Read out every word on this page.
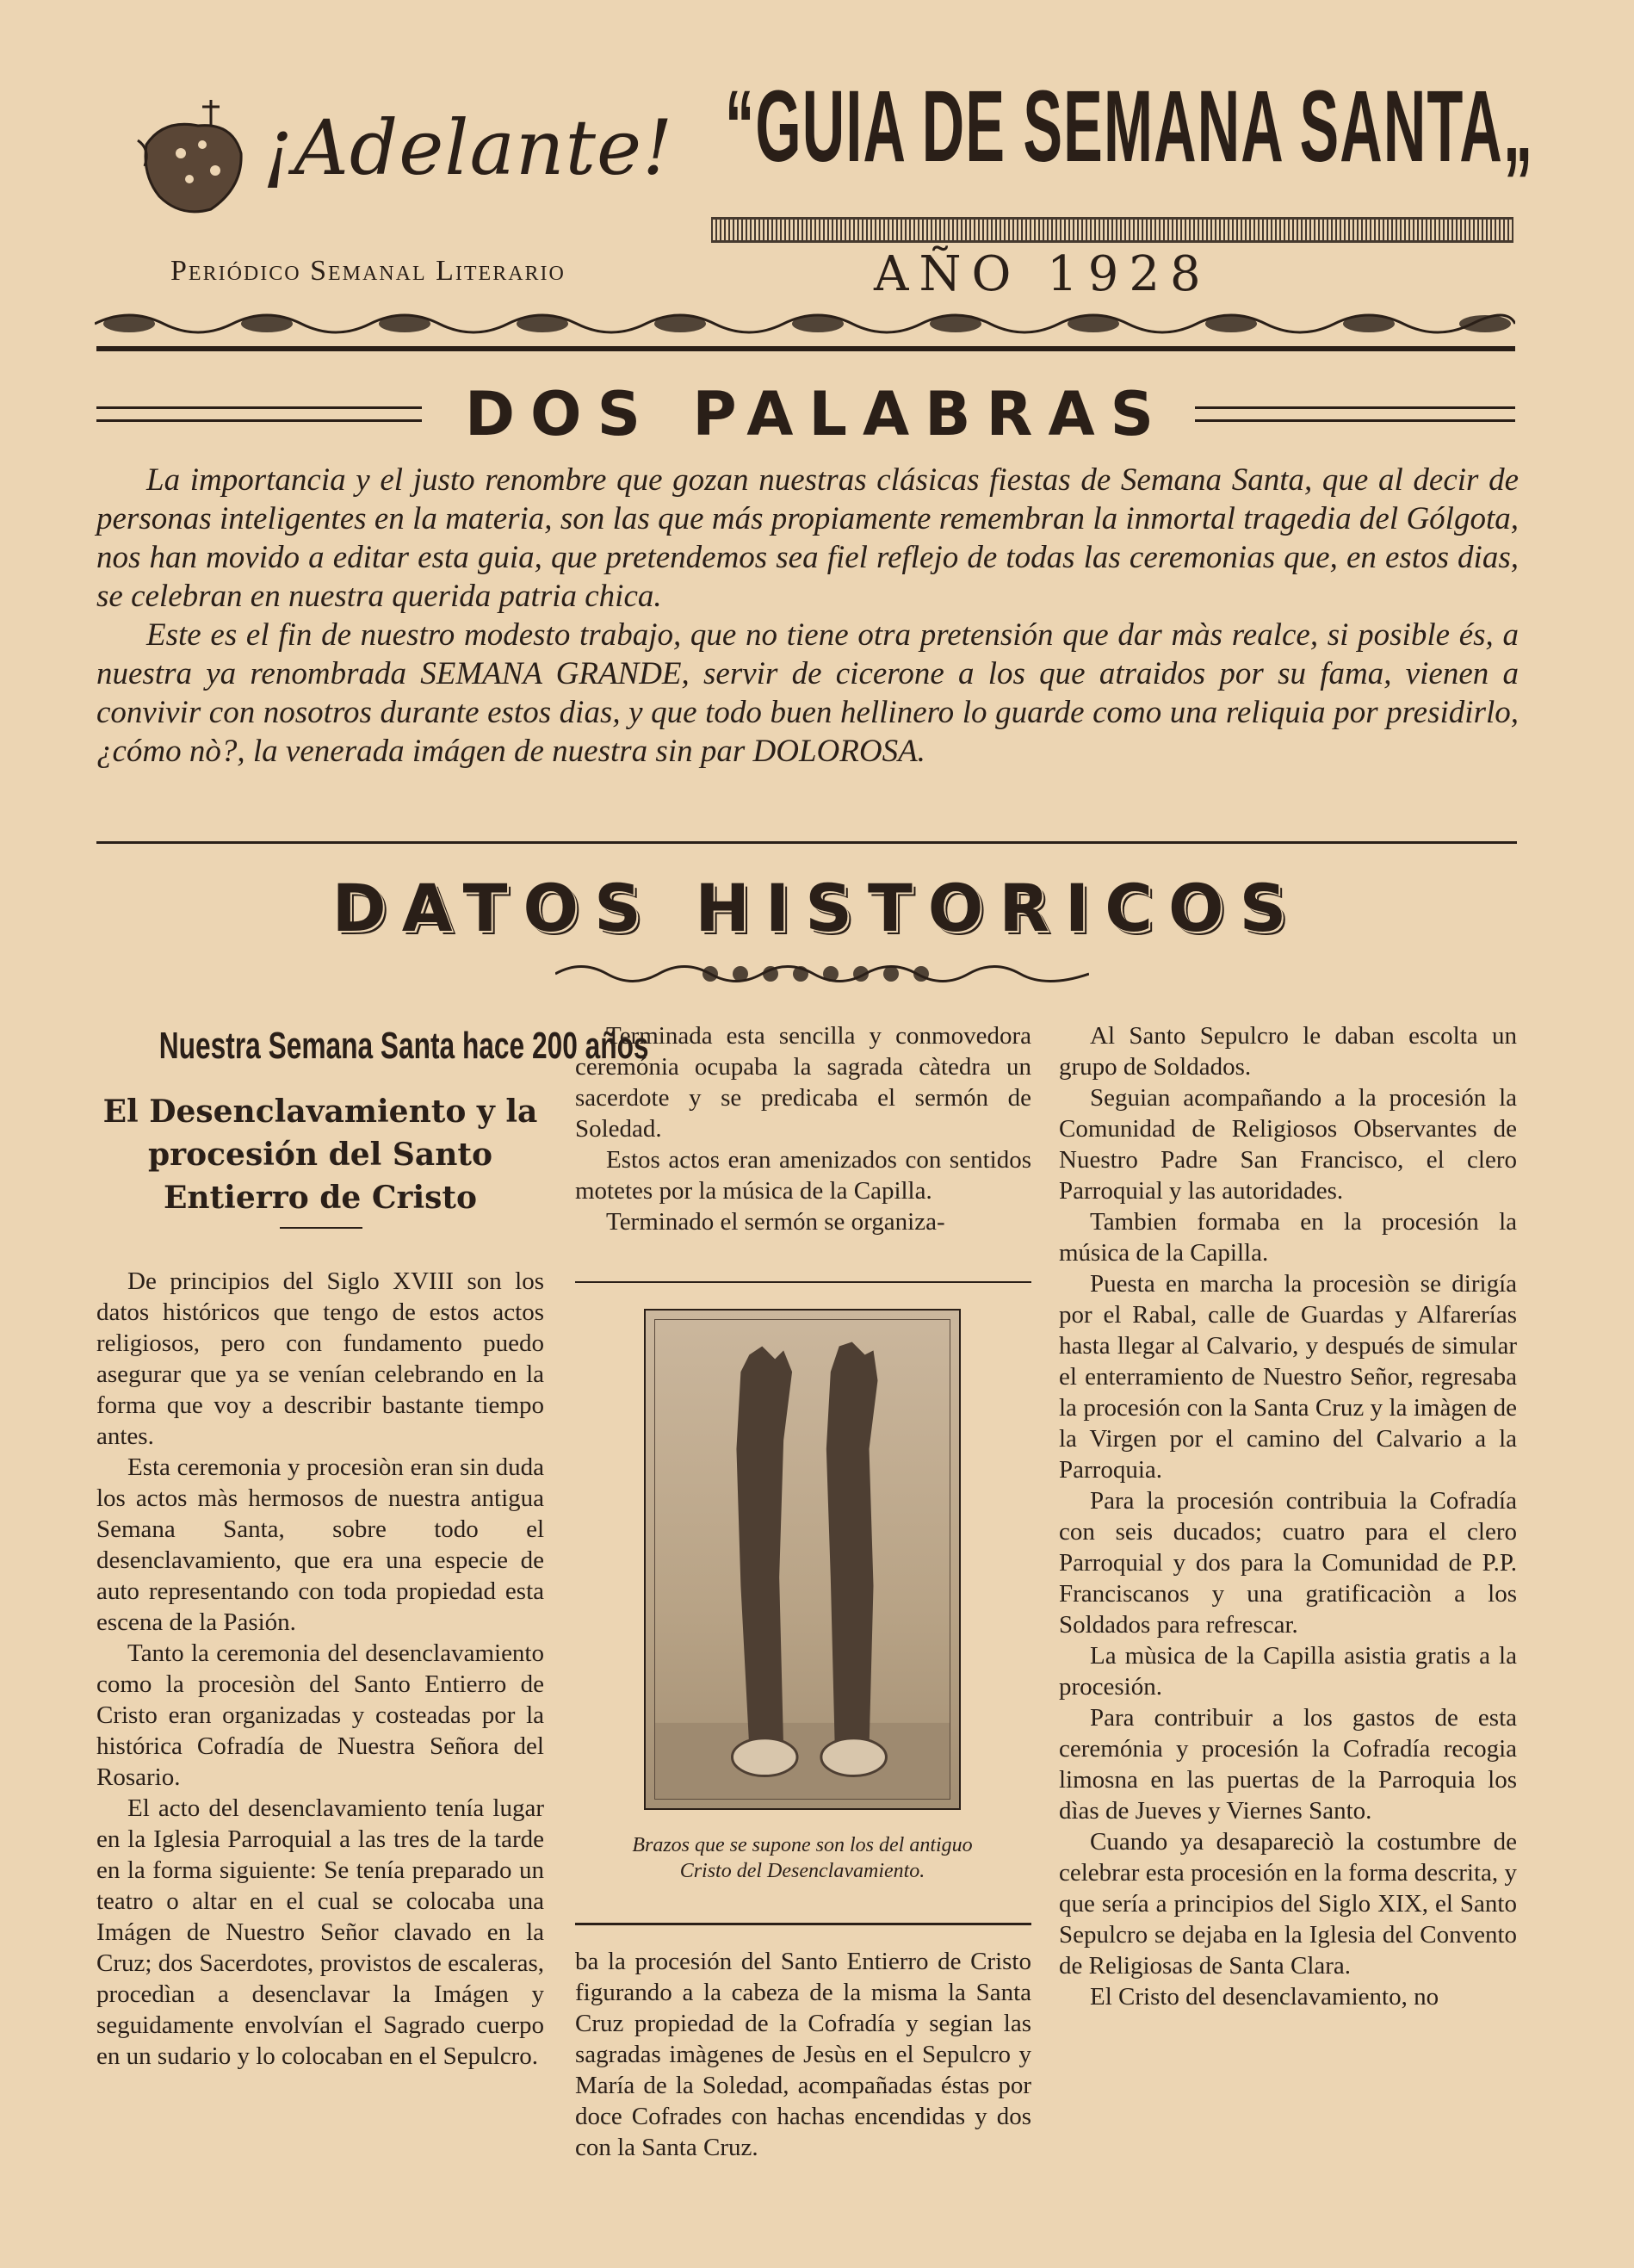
¡Adelante!
Periódico Semanal Literario
“GUIA DE SEMANA SANTA„
AÑO 1928
DOS PALABRAS

La importancia y el justo renombre que gozan nuestras clásicas fiestas de Semana Santa, que al decir de personas inteligentes en la materia, son las que más propiamente remembran la inmortal tragedia del Gólgota, nos han movido a editar esta guia, que pretendemos sea fiel reflejo de todas las ceremonias que, en estos dias, se celebran en nuestra querida patria chica.

Este es el fin de nuestro modesto trabajo, que no tiene otra pretensión que dar màs realce, si posible és, a nuestra ya renombrada SEMANA GRANDE, servir de cicerone a los que atraidos por su fama, vienen a convivir con nosotros durante estos dias, y que todo buen hellinero lo guarde como una reliquia por presidirlo, ¿cómo nò?, la venerada imágen de nuestra sin par DOLOROSA.

DATOS HISTORICOS
Nuestra Semana Santa hace 200 años
El Desenclavamiento y la procesión del Santo Entierro de Cristo

De principios del Siglo XVIII son los datos históricos que tengo de estos actos religiosos, pero con fundamento puedo asegurar que ya se venían celebrando en la forma que voy a describir bastante tiempo antes.

Esta ceremonia y procesiòn eran sin duda los actos màs hermosos de nuestra antigua Semana Santa, sobre todo el desenclavamiento, que era una especie de auto representando con toda propiedad esta escena de la Pasión.

Tanto la ceremonia del desenclavamiento como la procesiòn del Santo Entierro de Cristo eran organizadas y costeadas por la histórica Cofradía de Nuestra Señora del Rosario.

El acto del desenclavamiento tenía lugar en la Iglesia Parroquial a las tres de la tarde en la forma siguiente: Se tenía preparado un teatro o altar en el cual se colocaba una Imágen de Nuestro Señor clavado en la Cruz; dos Sacerdotes, provistos de escaleras, procedìan a desenclavar la Imágen y seguidamente envolvían el Sagrado cuerpo en un sudario y lo colocaban en el Sepulcro.

Terminada esta sencilla y conmovedora ceremónia ocupaba la sagrada càtedra un sacerdote y se predicaba el sermón de Soledad.

Estos actos eran amenizados con sentidos motetes por la música de la Capilla.

Terminado el sermón se organiza-

Brazos que se supone son los del antiguo Cristo del Desenclavamiento.

ba la procesión del Santo Entierro de Cristo figurando a la cabeza de la misma la Santa Cruz propiedad de la Cofradía y segian las sagradas imàgenes de Jesùs en el Sepulcro y María de la Soledad, acompañadas éstas por doce Cofrades con hachas encendidas y dos con la Santa Cruz.

Al Santo Sepulcro le daban escolta un grupo de Soldados.

Seguian acompañando a la procesión la Comunidad de Religiosos Observantes de Nuestro Padre San Francisco, el clero Parroquial y las autoridades.

Tambien formaba en la procesión la música de la Capilla.

Puesta en marcha la procesiòn se dirigía por el Rabal, calle de Guardas y Alfarerías hasta llegar al Calvario, y después de simular el enterramiento de Nuestro Señor, regresaba la procesión con la Santa Cruz y la imàgen de la Virgen por el camino del Calvario a la Parroquia.

Para la procesión contribuia la Cofradía con seis ducados; cuatro para el clero Parroquial y dos para la Comunidad de P.P. Franciscanos y una gratificaciòn a los Soldados para refrescar.

La mùsica de la Capilla asistia gratis a la procesión.

Para contribuir a los gastos de esta ceremónia y procesión la Cofradía recogia limosna en las puertas de la Parroquia los dìas de Jueves y Viernes Santo.

Cuando ya desapareciò la costumbre de celebrar esta procesión en la forma descrita, y que sería a principios del Siglo XIX, el Santo Sepulcro se dejaba en la Iglesia del Convento de Religiosas de Santa Clara.

El Cristo del desenclavamiento, no
